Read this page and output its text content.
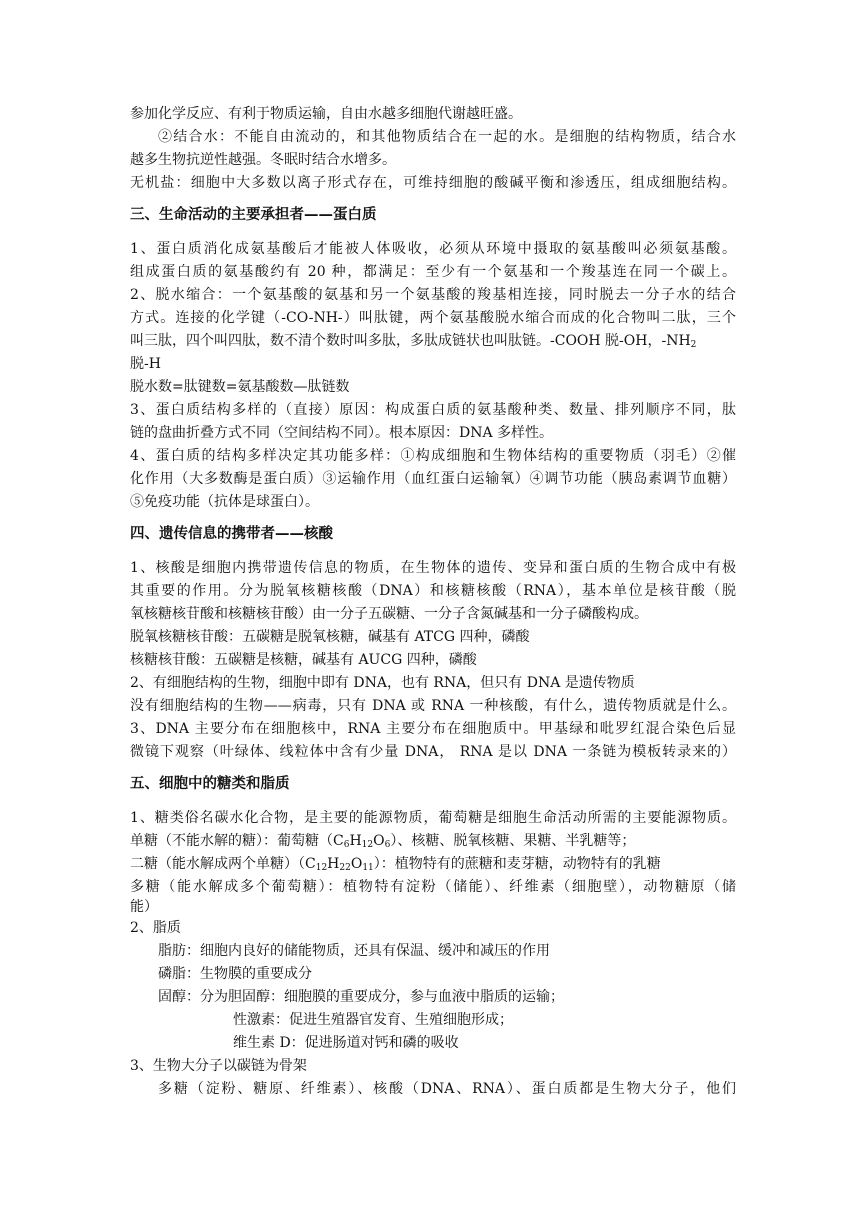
参加化学反应、有利于物质运输，自由水越多细胞代谢越旺盛。
②结合水：不能自由流动的，和其他物质结合在一起的水。是细胞的结构物质，结合水
越多生物抗逆性越强。冬眠时结合水增多。
无机盐：细胞中大多数以离子形式存在，可维持细胞的酸碱平衡和渗透压，组成细胞结构。
三、生命活动的主要承担者——蛋白质
1、蛋白质消化成氨基酸后才能被人体吸收，必须从环境中摄取的氨基酸叫必须氨基酸。
组成蛋白质的氨基酸约有 20 种，都满足：至少有一个氨基和一个羧基连在同一个碳上。
2、脱水缩合：一个氨基酸的氨基和另一个氨基酸的羧基相连接，同时脱去一分子水的结合
方式。连接的化学键（-CO-NH-）叫肽键，两个氨基酸脱水缩合而成的化合物叫二肽，三个
叫三肽，四个叫四肽，数不清个数时叫多肽，多肽成链状也叫肽链。-COOH 脱-OH，$-NH_2$
脱-H
脱水数=肽键数=氨基酸数—肽链数
3、蛋白质结构多样的（直接）原因：构成蛋白质的氨基酸种类、数量、排列顺序不同，肽
链的盘曲折叠方式不同（空间结构不同）。根本原因：DNA 多样性。
4、蛋白质的结构多样决定其功能多样：①构成细胞和生物体结构的重要物质（羽毛）②催
化作用（大多数酶是蛋白质）③运输作用（血红蛋白运输氧）④调节功能（胰岛素调节血糖）
⑤免疫功能（抗体是球蛋白）。
四、遗传信息的携带者——核酸
1、核酸是细胞内携带遗传信息的物质，在生物体的遗传、变异和蛋白质的生物合成中有极
其重要的作用。分为脱氧核糖核酸（DNA）和核糖核酸（RNA），基本单位是核苷酸（脱
氧核糖核苷酸和核糖核苷酸）由一分子五碳糖、一分子含氮碱基和一分子磷酸构成。
脱氧核糖核苷酸：五碳糖是脱氧核糖，碱基有 ATCG 四种，磷酸
核糖核苷酸：五碳糖是核糖，碱基有 AUCG 四种，磷酸
2、有细胞结构的生物，细胞中即有 DNA，也有 RNA，但只有 DNA 是遗传物质
没有细胞结构的生物——病毒，只有 DNA 或 RNA 一种核酸，有什么，遗传物质就是什么。
3、DNA 主要分布在细胞核中，RNA 主要分布在细胞质中。甲基绿和吡罗红混合染色后显
微镜下观察（叶绿体、线粒体中含有少量 DNA， RNA 是以 DNA 一条链为模板转录来的）
五、细胞中的糖类和脂质
1、糖类俗名碳水化合物，是主要的能源物质，葡萄糖是细胞生命活动所需的主要能源物质。
单糖（不能水解的糖）：葡萄糖$(C_6H_{12}O_6)$、核糖、脱氧核糖、果糖、半乳糖等；
二糖（能水解成两个单糖）$(C_{12}H_{22}O_{11})$：植物特有的蔗糖和麦芽糖，动物特有的乳糖
多糖（能水解成多个葡萄糖）：植物特有淀粉（储能）、纤维素（细胞壁），动物糖原（储
能）
2、脂质
脂肪：细胞内良好的储能物质，还具有保温、缓冲和减压的作用
磷脂：生物膜的重要成分
固醇：分为胆固醇：细胞膜的重要成分，参与血液中脂质的运输；
性激素：促进生殖器官发育、生殖细胞形成；
维生素 D：促进肠道对钙和磷的吸收
3、生物大分子以碳链为骨架
多糖（淀粉、糖原、纤维素）、核酸（DNA、RNA）、蛋白质都是生物大分子，他们
